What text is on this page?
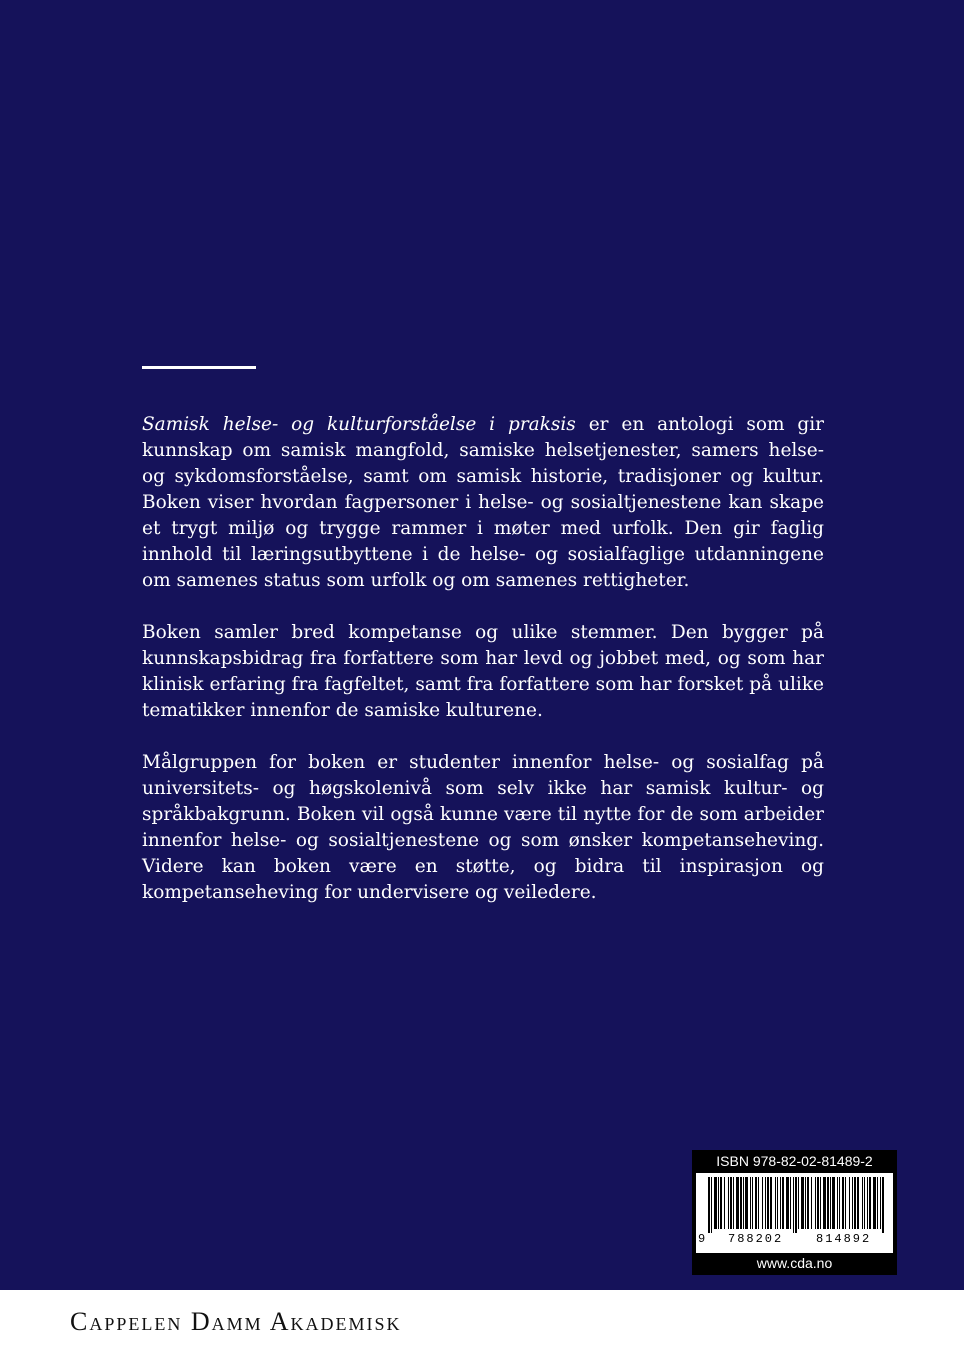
Samisk helse- og kulturforståelse i praksis er en antologi som gir kunnskap om samisk mangfold, samiske helsetjenester, samers helse- og sykdomsforståelse, samt om samisk historie, tradisjoner og kultur. Boken viser hvordan fagpersoner i helse- og sosialtjenestene kan skape et trygt miljø og trygge rammer i møter med urfolk. Den gir faglig innhold til læringsutbyttene i de helse- og sosialfaglige utdanningene om samenes status som urfolk og om samenes rettigheter.

Boken samler bred kompetanse og ulike stemmer. Den bygger på kunnskapsbidrag fra forfattere som har levd og jobbet med, og som har klinisk erfaring fra fagfeltet, samt fra forfattere som har forsket på ulike tematikker innenfor de samiske kulturene.

Målgruppen for boken er studenter innenfor helse- og sosialfag på universitets- og høgskolenivå som selv ikke har samisk kultur- og språkbakgrunn. Boken vil også kunne være til nytte for de som arbeider innenfor helse- og sosialtjenestene og som ønsker kompetanseheving. Videre kan boken være en støtte, og bidra til inspirasjon og kompetanseheving for undervisere og veiledere.

ISBN 978-82-02-81489-2
9 788202	814892
www.cda.no
Cappelen Damm Akademisk
